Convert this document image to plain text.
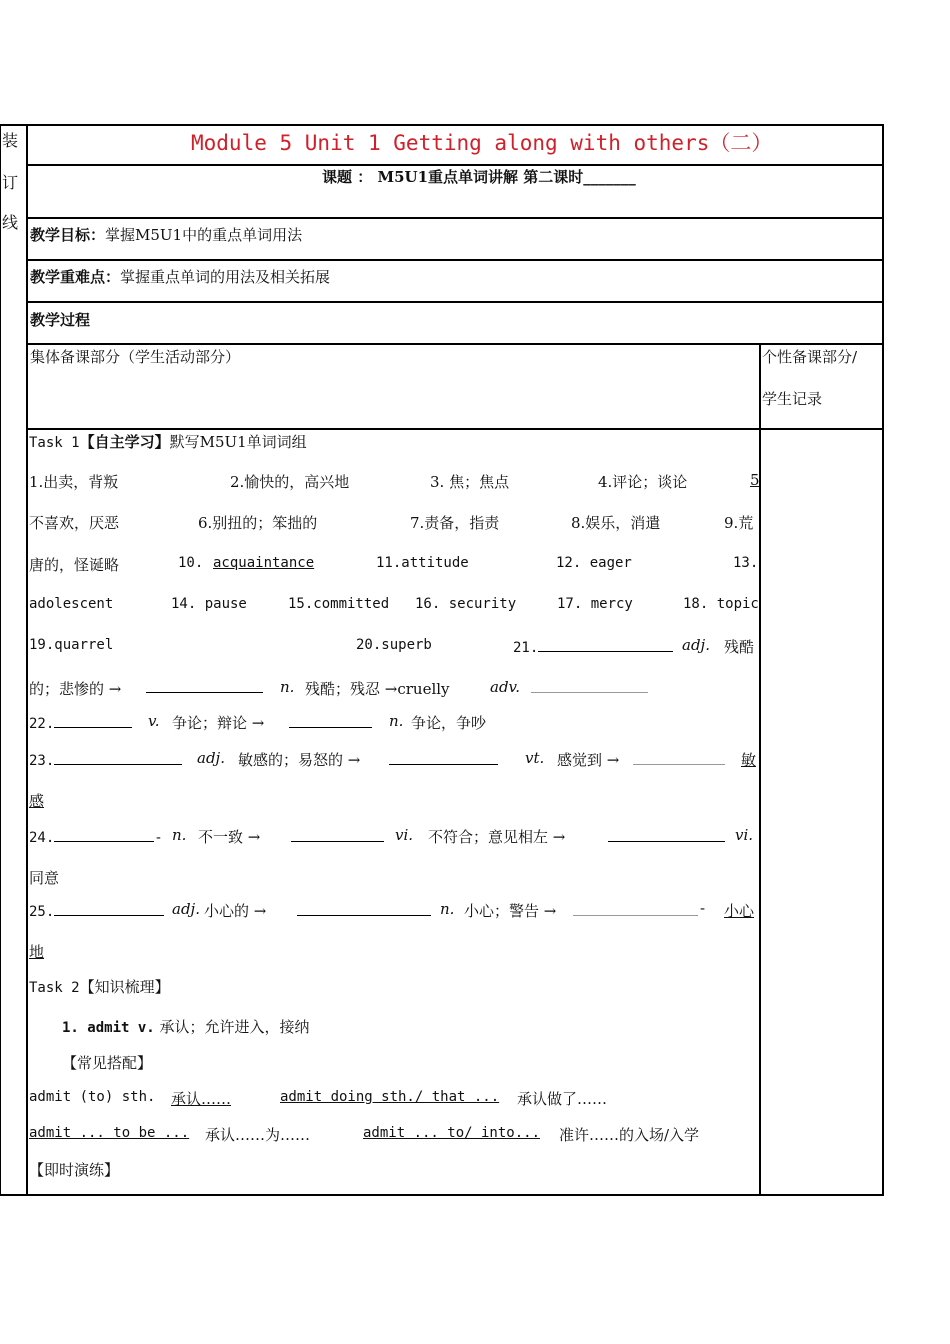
装
订
线
Module 5 Unit 1 Getting along with others（二）
课题 ： M5U1重点单词讲解 第二课时_______
教学目标：掌握M5U1中的重点单词用法
教学重难点：掌握重点单词的用法及相关拓展
教学过程
集体备课部分（学生活动部分）	个性备课部分/
学生记录
Task 1【自主学习】默写M5U1单词词组
1.出卖，背叛	2.愉快的，高兴地	3. 焦；焦点	4.评论；谈论	5
不喜欢，厌恶	6.别扭的；笨拙的	7.责备，指责	8.娱乐，消遣	9.荒
唐的，怪诞略	10. acquaintance	11.attitude	12. eager	13.
adolescent	14. pause	15.committed 16. security	17. mercy	18. topic
19.quarrel	20.superb	21.	adj. 残酷
的；悲惨的 →	n. 残酷；残忍 →cruelly	adv.
22.	v. 争论；辩论 →	n. 争论，争吵
23.	adj. 敏感的；易怒的 →	vt. 感觉到 →	敏
感
24.	- n. 不一致 →	vi. 不符合；意见相左 →	vi.
同意
25.	adj. 小心的 →	n. 小心；警告 →	- 小心
地
Task 2【知识梳理】
1. admit v. 承认；允许进入，接纳
【常见搭配】
admit (to) sth. 承认……	admit doing sth./ that ... 承认做了……
admit ... to be ... 承认……为……	admit ... to/ into... 准许……的入场/入学
【即时演练】
